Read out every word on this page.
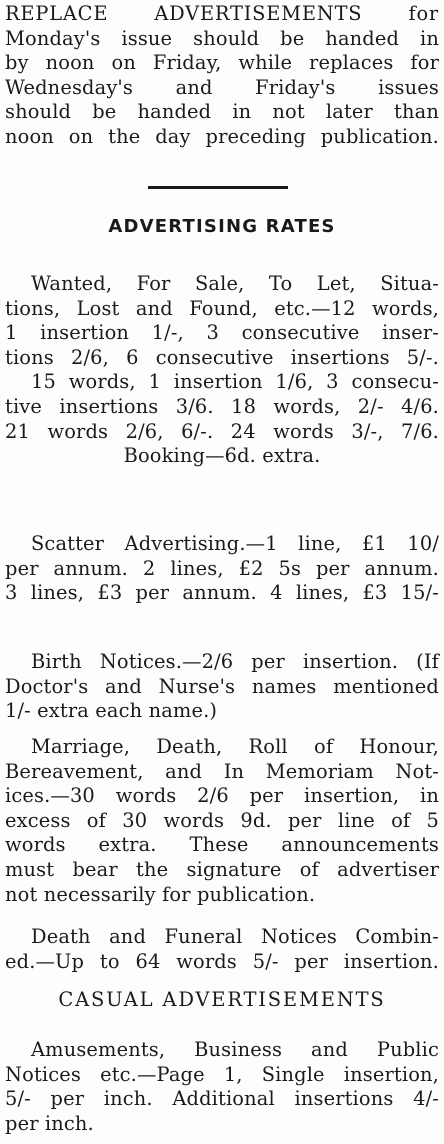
REPLACE ADVERTISEMENTS for
Monday's issue should be handed in
by noon on Friday, while replaces for
Wednesday's and Friday's issues
should be handed in not later than
noon on the day preceding publication.
ADVERTISING RATES
Wanted, For Sale, To Let, Situa-
tions, Lost and Found, etc.—12 words,
1 insertion 1/-, 3 consecutive inser-
tions 2/6, 6 consecutive insertions 5/-.
15 words, 1 insertion 1/6, 3 consecu-
tive insertions 3/6. 18 words, 2/- 4/6.
21 words 2/6, 6/-. 24 words 3/-, 7/6.
Booking—6d. extra.
Scatter Advertising.—1 line, £1 10/
per annum. 2 lines, £2 5s per annum.
3 lines, £3 per annum. 4 lines, £3 15/-
Birth Notices.—2/6 per insertion. (If
Doctor's and Nurse's names mentioned
1/- extra each name.)
Marriage, Death, Roll of Honour,
Bereavement, and In Memoriam Not-
ices.—30 words 2/6 per insertion, in
excess of 30 words 9d. per line of 5
words extra. These announcements
must bear the signature of advertiser
not necessarily for publication.
Death and Funeral Notices Combin-
ed.—Up to 64 words 5/- per insertion.
CASUAL ADVERTISEMENTS
Amusements, Business and Public
Notices etc.—Page 1, Single insertion,
5/- per inch. Additional insertions 4/-
per inch.
